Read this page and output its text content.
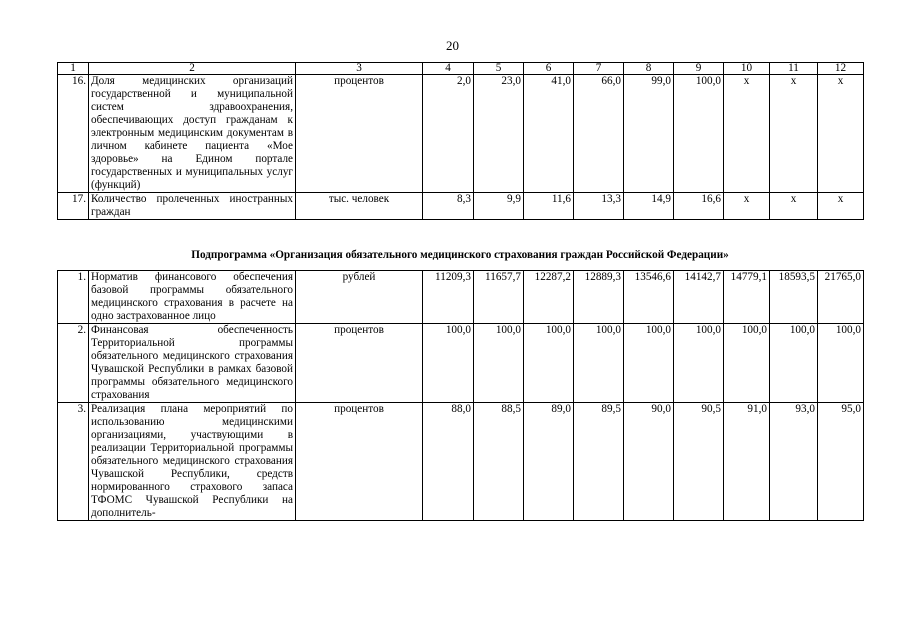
20
1	2	3	4	5	6	7	8	9	10	11	12
16.	Доля медицинских организаций государственной и муниципальной систем здравоохранения, обеспечивающих доступ гражданам к электронным медицинским документам в личном кабинете пациента «Мое здоровье» на Едином портале государственных и муниципальных услуг (функций)	процентов	2,0	23,0	41,0	66,0	99,0	100,0	х	х	х
17.	Количество пролеченных иностранных граждан	тыс. человек	8,3	9,9	11,6	13,3	14,9	16,6	х	х	х
Подпрограмма «Организация обязательного медицинского страхования граждан Российской Федерации»
1.	Норматив финансового обеспечения базовой программы обязательного медицинского страхования в расчете на одно застрахованное лицо	рублей	11209,3	11657,7	12287,2	12889,3	13546,6	14142,7	14779,1	18593,5	21765,0
2.	Финансовая обеспеченность Территориальной программы обязательного медицинского страхования Чувашской Республики в рамках базовой программы обязательного медицинского страхования	процентов	100,0	100,0	100,0	100,0	100,0	100,0	100,0	100,0	100,0
3.	Реализация плана мероприятий по использованию медицинскими организациями, участвующими в реализации Территориальной программы обязательного медицинского страхования Чувашской Республики, средств нормированного страхового запаса ТФОМС Чувашской Республики на дополнитель-	процентов	88,0	88,5	89,0	89,5	90,0	90,5	91,0	93,0	95,0
